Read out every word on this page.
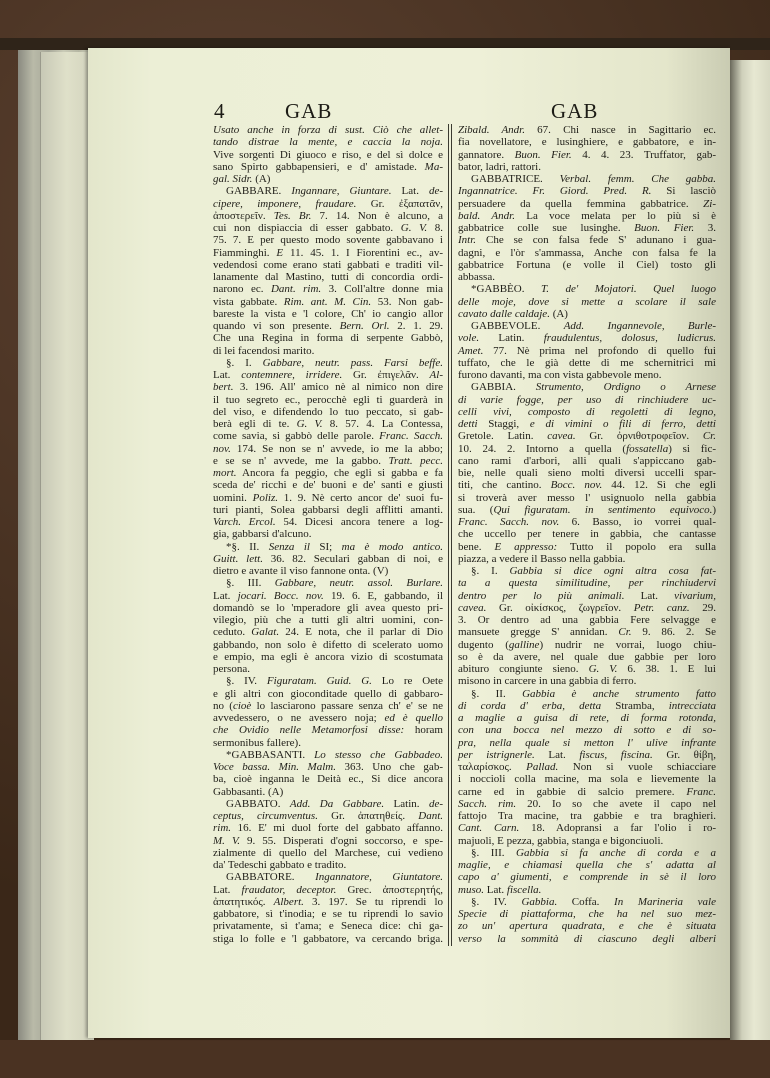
4	GAB	GAB
Usato anche in forza di sust. Ciò che allet-
tando distrae la mente, e caccia la noja.
Vive sorgenti Di giuoco e riso, e del sì dolce e
sano Spirto gabbapensieri, e d' amistade. Ma-
gal. Sidr. (A)
GABBARE. Ingannare, Giuntare. Lat. de-
cipere, imponere, fraudare. Gr. ἐξαπατᾶν,
ἀποστερεῖν. Tes. Br. 7. 14. Non è alcuno, a
cui non dispiaccia di esser gabbato. G. V. 8.
75. 7. E per questo modo sovente gabbavano i
Fiamminghi. E 11. 45. 1. I Fiorentini ec., av-
vedendosi come erano stati gabbati e traditi vil-
lanamente dal Mastino, tutti di concordia ordi-
narono ec. Dant. rim. 3. Coll'altre donne mia
vista gabbate. Rim. ant. M. Cin. 53. Non gab-
bareste la vista e 'l colore, Ch' io cangio allor
quando vi son presente. Bern. Orl. 2. 1. 29.
Che una Regina in forma di serpente Gabbò,
di lei facendosi marito.
§. I. Gabbare, neutr. pass. Farsi beffe.
Lat. contemnere, irridere. Gr. ἐπιγελᾶν. Al-
bert. 3. 196. All' amico nè al nimico non dire
il tuo segreto ec., perocchè egli ti guarderà in
del viso, e difendendo lo tuo peccato, si gab-
berà egli di te. G. V. 8. 57. 4. La Contessa,
come savia, si gabbò delle parole. Franc. Sacch.
nov. 174. Se non se n' avvede, io me la abbo;
e se se n' avvede, me la gabbo. Tratt. pecc.
mort. Ancora fa peggio, che egli si gabba e fa
sceda de' ricchi e de' buoni e de' santi e giusti
uomini. Poliz. 1. 9. Nè certo ancor de' suoi fu-
turi pianti, Solea gabbarsi degli afflitti amanti.
Varch. Ercol. 54. Dicesi ancora tenere a log-
gia, gabbarsi d'alcuno.
*§. II. Senza il SI; ma è modo antico.
Guitt. lett. 36. 82. Seculari gabban di noi, e
dietro e avante il viso fannone onta. (V)
§. III. Gabbare, neutr. assol. Burlare.
Lat. jocari. Bocc. nov. 19. 6. E, gabbando, il
domandò se lo 'mperadore gli avea questo pri-
vilegio, più che a tutti gli altri uomini, con-
ceduto. Galat. 24. E nota, che il parlar di Dio
gabbando, non solo è difetto di scelerato uomo
e empio, ma egli è ancora vizio di scostumata
persona.
§. IV. Figuratam. Guid. G. Lo re Oete
e gli altri con gioconditade quello di gabbaro-
no (cioè lo lasciarono passare senza ch' e' se ne
avvedessero, o ne avessero noja; ed è quello
che Ovidio nelle Metamorfosi disse: horam
sermonibus fallere).
*GABBASANTI. Lo stesso che Gabbadeo.
Voce bassa. Min. Malm. 363. Uno che gab-
ba, cioè inganna le Deità ec., Si dice ancora
Gabbasanti. (A)
GABBATO. Add. Da Gabbare. Latin. de-
ceptus, circumventus. Gr. ἀπατηθείς. Dant.
rim. 16. E' mi duol forte del gabbato affanno.
M. V. 9. 55. Disperati d'ogni soccorso, e spe-
zialmente di quello del Marchese, cui vedieno
da' Tedeschi gabbato e tradito.
GABBATORE. Ingannatore, Giuntatore.
Lat. fraudator, deceptor. Grec. ἀποστερητής,
ἀπατητικός. Albert. 3. 197. Se tu riprendi lo
gabbatore, sì t'inodia; e se tu riprendi lo savio
privatamente, sì t'ama; e Seneca dice: chi ga-
stiga lo folle e 'l gabbatore, va cercando briga.
Zibald. Andr. 67. Chi nasce in Sagittario ec.
fia novellatore, e lusinghiere, e gabbatore, e in-
gannatore. Buon. Fier. 4. 4. 23. Truffator, gab-
bator, ladri, rattori.
GABBATRICE. Verbal. femm. Che gabba.
Ingannatrice. Fr. Giord. Pred. R. Si lasciò
persuadere da quella femmina gabbatrice. Zi-
bald. Andr. La voce melata per lo più si è
gabbatrice colle sue lusinghe. Buon. Fier. 3.
Intr. Che se con falsa fede S' adunano i gua-
dagni, e l'òr s'ammassa, Anche con falsa fe la
gabbatrice Fortuna (e volle il Ciel) tosto gli
abbassa.
*GABBÈO. T. de' Mojatori. Quel luogo
delle moje, dove si mette a scolare il sale
cavato dalle caldaje. (A)
GABBEVOLE. Add. Ingannevole, Burle-
vole. Latin. fraudulentus, dolosus, ludicrus.
Amet. 77. Nè prima nel profondo di quello fui
tuffato, che le già dette di me schernitrici mi
furono davanti, ma con vista gabbevole meno.
GABBIA. Strumento, Ordigno o Arnese
di varie fogge, per uso di rinchiudere uc-
celli vivi, composto di regoletti di legno,
detti Staggi, e di vimini o fili di ferro, detti
Gretole. Latin. cavea. Gr. ὀρνιθοτροφεῖον. Cr.
10. 24. 2. Intorno a quella (fossatella) si fic-
cano rami d'arbori, alli quali s'appiccano gab-
bie, nelle quali sieno molti diversi uccelli spar-
titi, che cantino. Bocc. nov. 44. 12. Sì che egli
si troverà aver messo l' usignuolo nella gabbia
sua. (Qui figuratam. in sentimento equivoco.)
Franc. Sacch. nov. 6. Basso, io vorrei qual-
che uccello per tenere in gabbia, che cantasse
bene. E appresso: Tutto il popolo era sulla
piazza, a vedere il Basso nella gabbia.
§. I. Gabbia si dice ogni altra cosa fat-
ta a questa similitudine, per rinchiudervi
dentro per lo più animali. Lat. vivarium,
cavea. Gr. οἰκίσκος, ζωγρεῖον. Petr. canz. 29.
3. Or dentro ad una gabbia Fere selvagge e
mansuete gregge S' annidan. Cr. 9. 86. 2. Se
dugento (galline) nudrir ne vorrai, luogo chiu-
so è da avere, nel quale due gabbie per loro
abituro congiunte sieno. G. V. 6. 38. 1. E lui
misono in carcere in una gabbia di ferro.
§. II. Gabbia è anche strumento fatto
di corda d' erba, detta Stramba, intrecciata
a maglie a guisa di rete, di forma rotonda,
con una bocca nel mezzo di sotto e di so-
pra, nella quale si metton l' ulive infrante
per istrignerle. Lat. fiscus, fiscina. Gr. θίβη,
ταλαρίσκος. Pallad. Non si vuole schiacciare
i noccioli colla macine, ma sola e lievemente la
carne ed in gabbie di salcio premere. Franc.
Sacch. rim. 20. Io so che avete il capo nel
fattojo Tra macine, tra gabbie e tra braghieri.
Cant. Carn. 18. Adopransi a far l'olio i ro-
majuoli, E pezza, gabbia, stanga e bigonciuoli.
§. III. Gabbia si fa anche di corda e a
maglie, e chiamasi quella che s' adatta al
capo a' giumenti, e comprende in sè il loro
muso. Lat. fiscella.
§. IV. Gabbia. Coffa. In Marineria vale
Specie di piattaforma, che ha nel suo mez-
zo un' apertura quadrata, e che è situata
verso la sommità di ciascuno degli alberi
